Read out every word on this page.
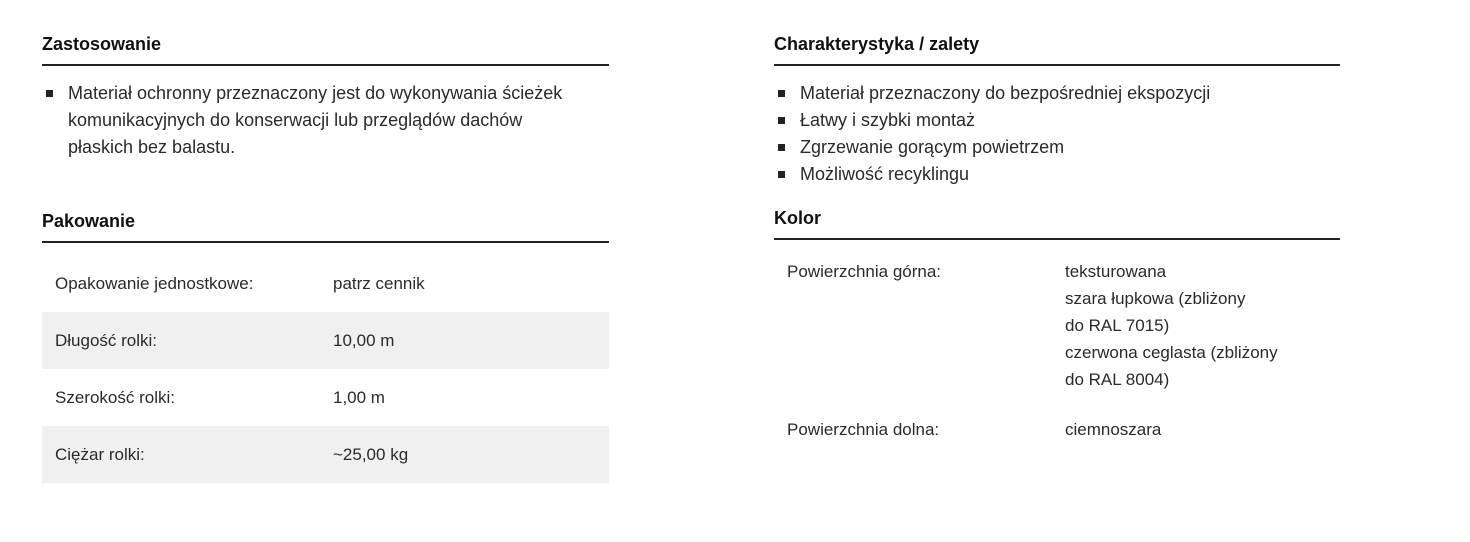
Zastosowanie
Materiał ochronny przeznaczony jest do wykonywania ścieżek komunikacyjnych do konserwacji lub przeglądów dachów płaskich bez balastu.
Pakowanie
Opakowanie jednostkowe:	patrz cennik
Długość rolki:	10,00 m
Szerokość rolki:	1,00 m
Ciężar rolki:	~25,00 kg
Charakterystyka / zalety
Materiał przeznaczony do bezpośredniej ekspozycji
Łatwy i szybki montaż
Zgrzewanie gorącym powietrzem
Możliwość recyklingu
Kolor
Powierzchnia górna:	teksturowana
szara łupkowa (zbliżony
do RAL 7015)
czerwona ceglasta (zbliżony
do RAL 8004)

Powierzchnia dolna:	ciemnoszara
